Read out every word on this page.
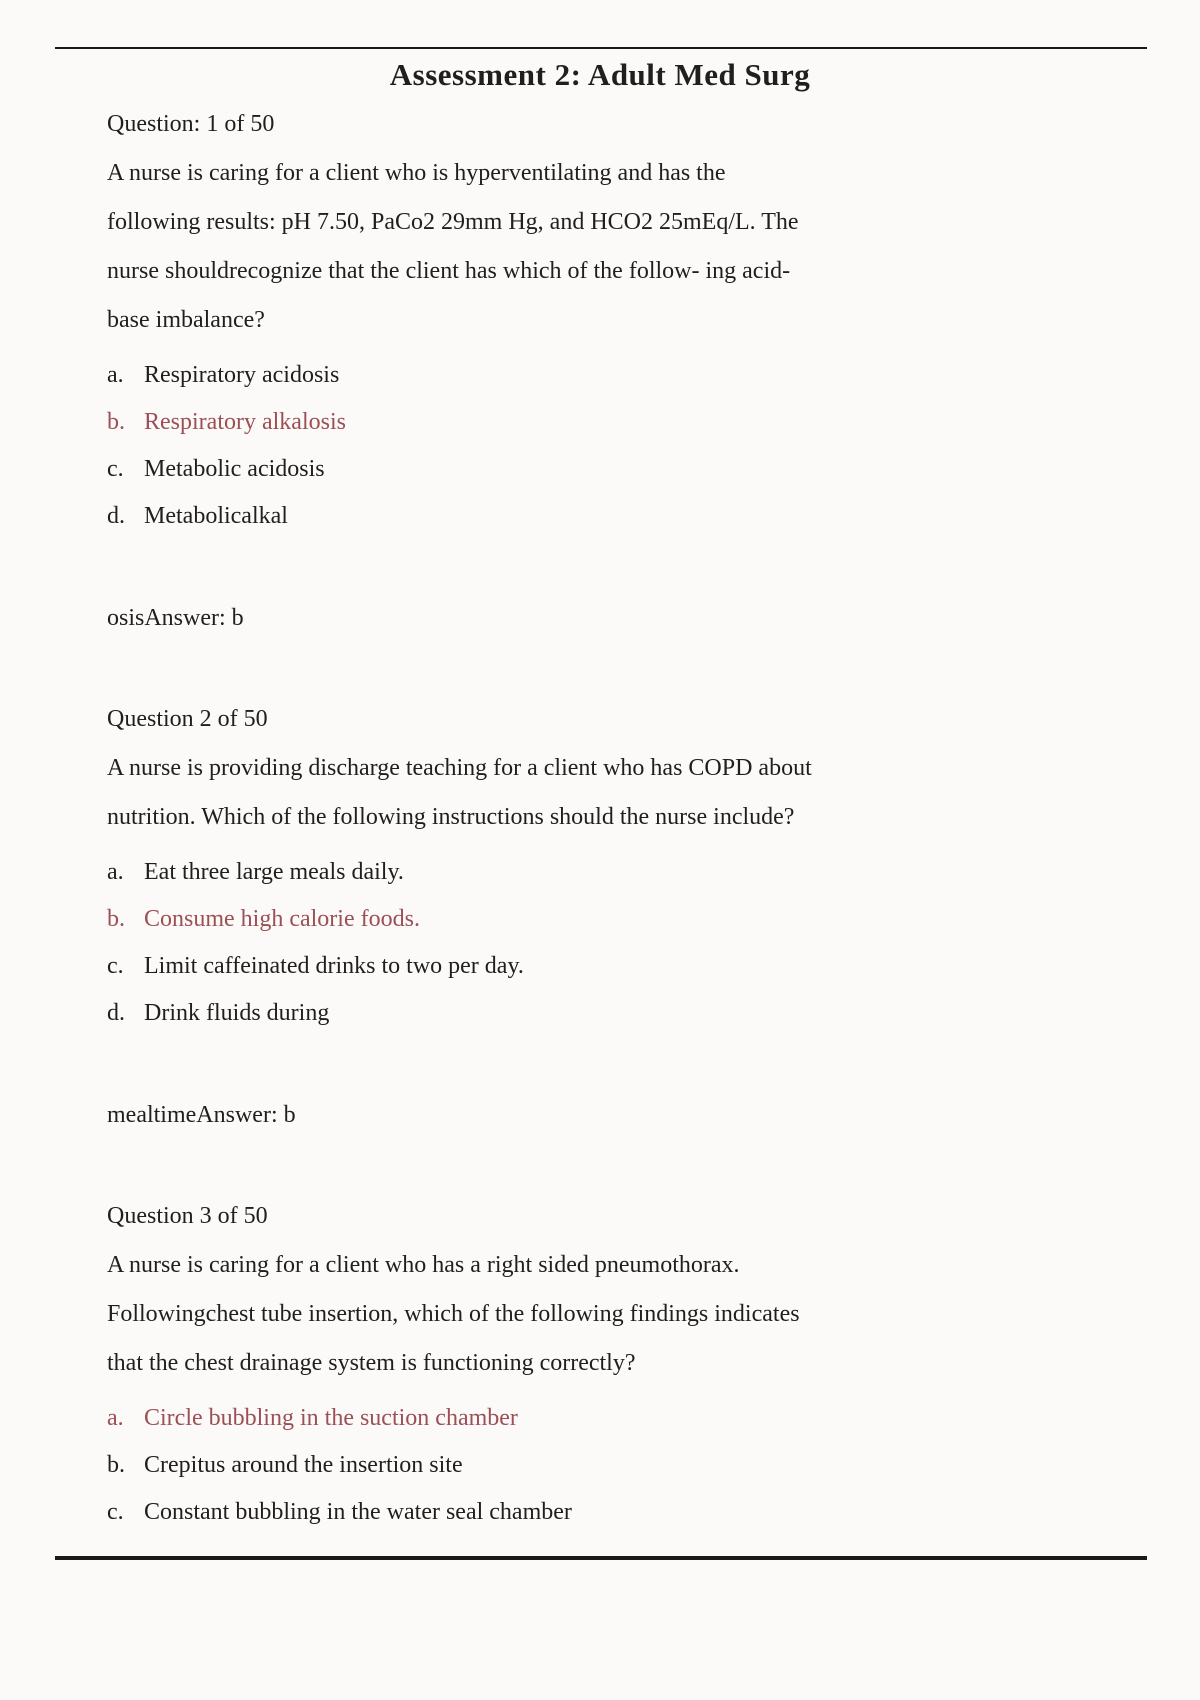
Assessment 2: Adult Med Surg
Question: 1 of 50
A nurse is caring for a client who is hyperventilating and has the
following results: pH 7.50, PaCo2 29mm Hg, and HCO2 25mEq/L. The
nurse shouldrecognize that the client has which of the follow- ing acid-
base imbalance?
a. Respiratory acidosis
b. Respiratory alkalosis
c. Metabolic acidosis
d. Metabolicalkal
osisAnswer: b
Question 2 of 50
A nurse is providing discharge teaching for a client who has COPD about
nutrition. Which of the following instructions should the nurse include?
a. Eat three large meals daily.
b. Consume high calorie foods.
c. Limit caffeinated drinks to two per day.
d. Drink fluids during
mealtimeAnswer: b
Question 3 of 50
A nurse is caring for a client who has a right sided pneumothorax.
Followingchest tube insertion, which of the following findings indicates
that the chest drainage system is functioning correctly?
a. Circle bubbling in the suction chamber
b. Crepitus around the insertion site
c. Constant bubbling in the water seal chamber
